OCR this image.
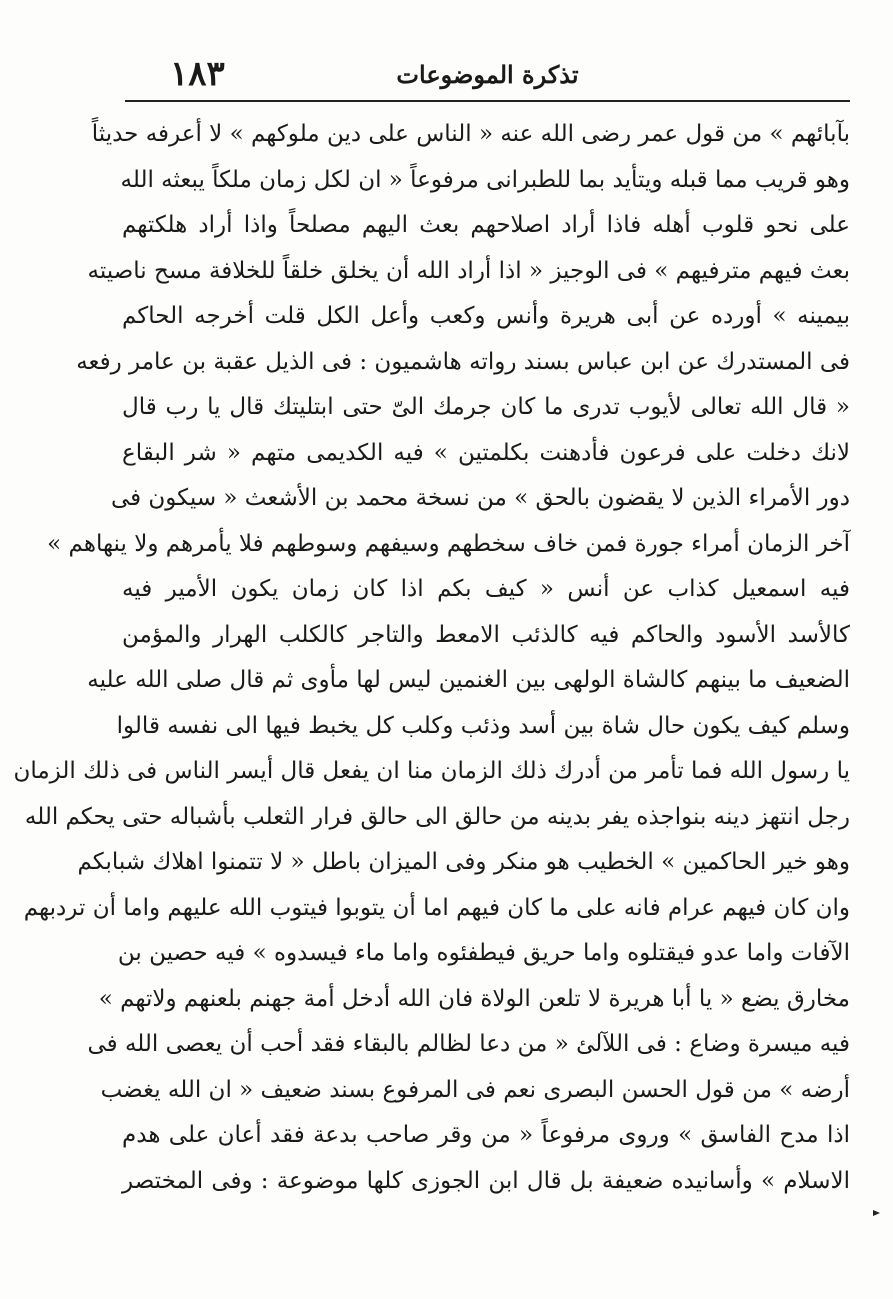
تذكرة الموضوعات
١٨٣
بآبائهم » من قول عمر رضى الله عنه « الناس على دين ملوكهم » لا أعرفه حديثاً
وهو قريب مما قبله ويتأيد بما للطبرانى مرفوعاً « ان لكل زمان ملكاً يبعثه الله
على نحو قلوب أهله فاذا أراد اصلاحهم بعث اليهم مصلحاً واذا أراد هلكتهم
بعث فيهم مترفيهم » فى الوجيز « اذا أراد الله أن يخلق خلقاً للخلافة مسح ناصيته
بيمينه » أورده عن أبى هريرة وأنس وكعب وأعل الكل قلت أخرجه الحاكم
فى المستدرك عن ابن عباس بسند رواته هاشميون : فى الذيل عقبة بن عامر رفعه
« قال الله تعالى لأيوب تدرى ما كان جرمك الىّ حتى ابتليتك قال يا رب قال
لانك دخلت على فرعون فأدهنت بكلمتين » فيه الكديمى متهم « شر البقاع
دور الأمراء الذين لا يقضون بالحق » من نسخة محمد بن الأشعث « سيكون فى
آخر الزمان أمراء جورة فمن خاف سخطهم وسيفهم وسوطهم فلا يأمرهم ولا ينهاهم »
فيه اسمعيل كذاب عن أنس « كيف بكم اذا كان زمان يكون الأمير فيه
كالأسد الأسود والحاكم فيه كالذئب الامعط والتاجر كالكلب الهرار والمؤمن
الضعيف ما بينهم كالشاة الولهى بين الغنمين ليس لها مأوى ثم قال صلى الله عليه
وسلم كيف يكون حال شاة بين أسد وذئب وكلب كل يخبط فيها الى نفسه قالوا
يا رسول الله فما تأمر من أدرك ذلك الزمان منا ان يفعل قال أيسر الناس فى ذلك الزمان
رجل انتهز دينه بنواجذه يفر بدينه من حالق الى حالق فرار الثعلب بأشباله حتى يحكم الله
وهو خير الحاكمين » الخطيب هو منكر وفى الميزان باطل « لا تتمنوا اهلاك شبابكم
وان كان فيهم عرام فانه على ما كان فيهم اما أن يتوبوا فيتوب الله عليهم واما أن تردبهم
الآفات واما عدو فيقتلوه واما حريق فيطفئوه واما ماء فيسدوه » فيه حصين بن
مخارق يضع « يا أبا هريرة لا تلعن الولاة فان الله أدخل أمة جهنم بلعنهم ولاتهم »
فيه ميسرة وضاع : فى اللآلئ « من دعا لظالم بالبقاء فقد أحب أن يعصى الله فى
أرضه » من قول الحسن البصرى نعم فى المرفوع بسند ضعيف « ان الله يغضب
اذا مدح الفاسق » وروى مرفوعاً « من وقر صاحب بدعة فقد أعان على هدم
الاسلام » وأسانيده ضعيفة بل قال ابن الجوزى كلها موضوعة : وفى المختصر
